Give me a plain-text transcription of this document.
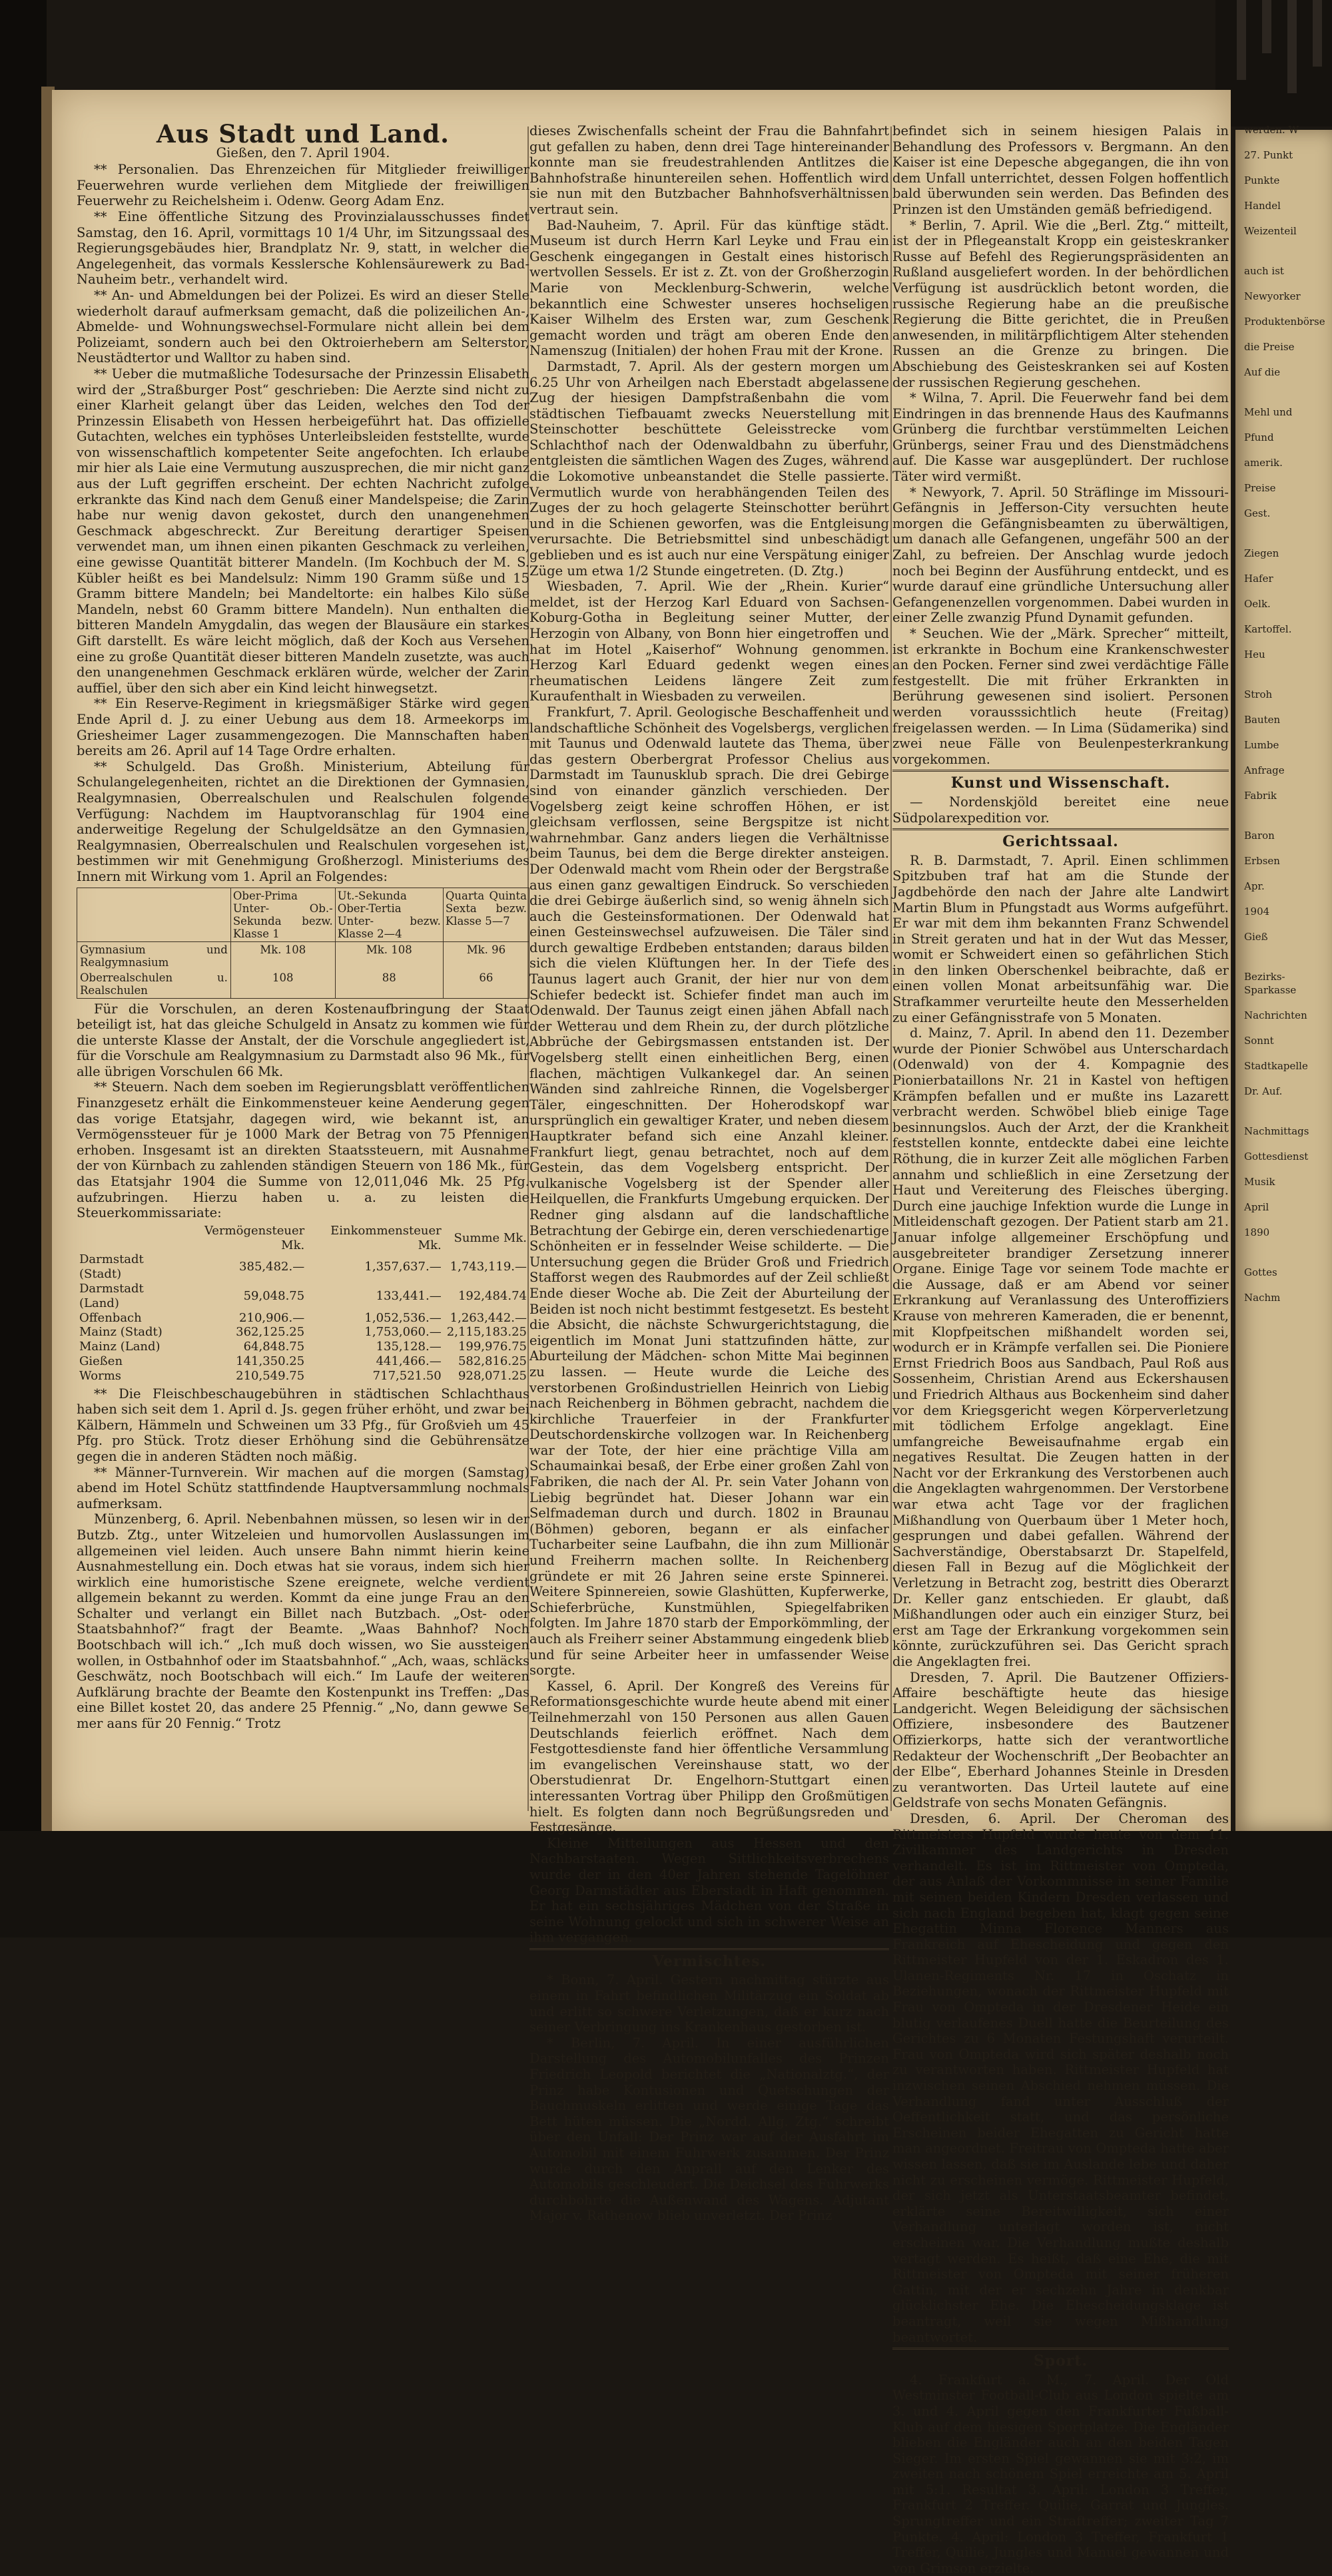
Aus Stadt und Land.

Gießen, den 7. April 1904.

** Personalien. Das Ehrenzeichen für Mitglieder freiwilliger Feuerwehren wurde verliehen dem Mitgliede der freiwilligen Feuerwehr zu Reichelsheim i. Odenw. Georg Adam Enz.

** Eine öffentliche Sitzung des Provinzialausschusses findet Samstag, den 16. April, vormittags 10 1/4 Uhr, im Sitzungssaal des Regierungsgebäudes hier, Brandplatz Nr. 9, statt, in welcher die Angelegenheit, das vormals Kesslersche Kohlensäurewerk zu Bad-Nauheim betr., verhandelt wird.

** An- und Abmeldungen bei der Polizei. Es wird an dieser Stelle wiederholt darauf aufmerksam gemacht, daß die polizeilichen An-, Abmelde- und Wohnungswechsel-Formulare nicht allein bei dem Polizeiamt, sondern auch bei den Oktroierhebern am Selterstor, Neustädtertor und Walltor zu haben sind.

** Ueber die mutmaßliche Todesursache der Prinzessin Elisabeth wird der „Straßburger Post“ geschrieben: Die Aerzte sind nicht zu einer Klarheit gelangt über das Leiden, welches den Tod der Prinzessin Elisabeth von Hessen herbeigeführt hat. Das offizielle Gutachten, welches ein typhöses Unterleibsleiden feststellte, wurde von wissenschaftlich kompetenter Seite angefochten. Ich erlaube mir hier als Laie eine Vermutung auszusprechen, die mir nicht ganz aus der Luft gegriffen erscheint. Der echten Nachricht zufolge erkrankte das Kind nach dem Genuß einer Mandelspeise; die Zarin habe nur wenig davon gekostet, durch den unangenehmen Geschmack abgeschreckt. Zur Bereitung derartiger Speisen verwendet man, um ihnen einen pikanten Geschmack zu verleihen, eine gewisse Quantität bitterer Mandeln. (Im Kochbuch der M. S. Kübler heißt es bei Mandelsulz: Nimm 190 Gramm süße und 15 Gramm bittere Mandeln; bei Mandeltorte: ein halbes Kilo süße Mandeln, nebst 60 Gramm bittere Mandeln). Nun enthalten die bitteren Mandeln Amygdalin, das wegen der Blausäure ein starkes Gift darstellt. Es wäre leicht möglich, daß der Koch aus Versehen eine zu große Quantität dieser bitteren Mandeln zusetzte, was auch den unangenehmen Geschmack erklären würde, welcher der Zarin auffiel, über den sich aber ein Kind leicht hinwegsetzt.

** Ein Reserve-Regiment in kriegsmäßiger Stärke wird gegen Ende April d. J. zu einer Uebung aus dem 18. Armeekorps im Griesheimer Lager zusammengezogen. Die Mannschaften haben bereits am 26. April auf 14 Tage Ordre erhalten.

** Schulgeld. Das Großh. Ministerium, Abteilung für Schulangelegenheiten, richtet an die Direktionen der Gymnasien, Realgymnasien, Oberrealschulen und Realschulen folgende Verfügung: Nachdem im Hauptvoranschlag für 1904 eine anderweitige Regelung der Schulgeldsätze an den Gymnasien, Realgymnasien, Oberrealschulen und Realschulen vorgesehen ist, bestimmen wir mit Genehmigung Großherzogl. Ministeriums des Innern mit Wirkung vom 1. April an Folgendes:

	Ober-Prima Unter- Ob.-Sekunda bezw. Klasse 1	Ut.-Sekunda Ober-Tertia Unter- bezw. Klasse 2—4	Quarta Quinta Sexta bezw. Klasse 5—7
Gymnasium und Realgymnasium	Mk. 108	Mk. 108	Mk. 96
Oberrealschulen u. Realschulen	108	88	66

Für die Vorschulen, an deren Kostenaufbringung der Staat beteiligt ist, hat das gleiche Schulgeld in Ansatz zu kommen wie für die unterste Klasse der Anstalt, der die Vorschule angegliedert ist, für die Vorschule am Realgymnasium zu Darmstadt also 96 Mk., für alle übrigen Vorschulen 66 Mk.

** Steuern. Nach dem soeben im Regierungsblatt veröffentlichen Finanzgesetz erhält die Einkommensteuer keine Aenderung gegen das vorige Etatsjahr, dagegen wird, wie bekannt ist, an Vermögenssteuer für je 1000 Mark der Betrag von 75 Pfennigen erhoben. Insgesamt ist an direkten Staatssteuern, mit Ausnahme der von Kürnbach zu zahlenden ständigen Steuern von 186 Mk., für das Etatsjahr 1904 die Summe von 12,011,046 Mk. 25 Pfg. aufzubringen. Hierzu haben u. a. zu leisten die Steuerkommissariate:

	Vermögensteuer Mk.	Einkommensteuer Mk.	Summe Mk.
Darmstadt (Stadt)	385,482.—	1,357,637.—	1,743,119.—
Darmstadt (Land)	59,048.75	133,441.—	192,484.74
Offenbach	210,906.—	1,052,536.—	1,263,442.—
Mainz (Stadt)	362,125.25	1,753,060.—	2,115,183.25
Mainz (Land)	64,848.75	135,128.—	199,976.75
Gießen	141,350.25	441,466.—	582,816.25
Worms	210,549.75	717,521.50	928,071.25

** Die Fleischbeschaugebühren in städtischen Schlachthaus haben sich seit dem 1. April d. Js. gegen früher erhöht, und zwar bei Kälbern, Hämmeln und Schweinen um 33 Pfg., für Großvieh um 45 Pfg. pro Stück. Trotz dieser Erhöhung sind die Gebührensätze gegen die in anderen Städten noch mäßig.

** Männer-Turnverein. Wir machen auf die morgen (Samstag) abend im Hotel Schütz stattfindende Hauptversammlung nochmals aufmerksam.

Münzenberg, 6. April. Nebenbahnen müssen, so lesen wir in der Butzb. Ztg., unter Witzeleien und humorvollen Auslassungen im allgemeinen viel leiden. Auch unsere Bahn nimmt hierin keine Ausnahmestellung ein. Doch etwas hat sie voraus, indem sich hier wirklich eine humoristische Szene ereignete, welche verdient allgemein bekannt zu werden. Kommt da eine junge Frau an den Schalter und verlangt ein Billet nach Butzbach. „Ost- oder Staatsbahnhof?“ fragt der Beamte. „Waas Bahnhof? Noch Bootschbach will ich.“ „Ich muß doch wissen, wo Sie aussteigen wollen, in Ostbahnhof oder im Staatsbahnhof.“ „Ach, waas, schläcks Geschwätz, noch Bootschbach will eich.“ Im Laufe der weiteren Aufklärung brachte der Beamte den Kostenpunkt ins Treffen: „Das eine Billet kostet 20, das andere 25 Pfennig.“ „No, dann gewwe Se mer aans für 20 Fennig.“ Trotz

dieses Zwischenfalls scheint der Frau die Bahnfahrt gut gefallen zu haben, denn drei Tage hintereinander konnte man sie freudestrahlenden Antlitzes die Bahnhofstraße hinuntereilen sehen. Hoffentlich wird sie nun mit den Butzbacher Bahnhofsverhältnissen vertraut sein.

Bad-Nauheim, 7. April. Für das künftige städt. Museum ist durch Herrn Karl Leyke und Frau ein Geschenk eingegangen in Gestalt eines historisch wertvollen Sessels. Er ist z. Zt. von der Großherzogin Marie von Mecklenburg-Schwerin, welche bekanntlich eine Schwester unseres hochseligen Kaiser Wilhelm des Ersten war, zum Geschenk gemacht worden und trägt am oberen Ende den Namenszug (Initialen) der hohen Frau mit der Krone.

Darmstadt, 7. April. Als der gestern morgen um 6.25 Uhr von Arheilgen nach Eberstadt abgelassene Zug der hiesigen Dampfstraßenbahn die vom städtischen Tiefbauamt zwecks Neuerstellung mit Steinschotter beschüttete Geleisstrecke vom Schlachthof nach der Odenwaldbahn zu überfuhr, entgleisten die sämtlichen Wagen des Zuges, während die Lokomotive unbeanstandet die Stelle passierte. Vermutlich wurde von herabhängenden Teilen des Zuges der zu hoch gelagerte Steinschotter berührt und in die Schienen geworfen, was die Entgleisung verursachte. Die Betriebsmittel sind unbeschädigt geblieben und es ist auch nur eine Verspätung einiger Züge um etwa 1/2 Stunde eingetreten. (D. Ztg.)

Wiesbaden, 7. April. Wie der „Rhein. Kurier“ meldet, ist der Herzog Karl Eduard von Sachsen-Koburg-Gotha in Begleitung seiner Mutter, der Herzogin von Albany, von Bonn hier eingetroffen und hat im Hotel „Kaiserhof“ Wohnung genommen. Herzog Karl Eduard gedenkt wegen eines rheumatischen Leidens längere Zeit zum Kuraufenthalt in Wiesbaden zu verweilen.

Frankfurt, 7. April. Geologische Beschaffenheit und landschaftliche Schönheit des Vogelsbergs, verglichen mit Taunus und Odenwald lautete das Thema, über das gestern Oberbergrat Professor Chelius aus Darmstadt im Taunusklub sprach. Die drei Gebirge sind von einander gänzlich verschieden. Der Vogelsberg zeigt keine schroffen Höhen, er ist gleichsam verflossen, seine Bergspitze ist nicht wahrnehmbar. Ganz anders liegen die Verhältnisse beim Taunus, bei dem die Berge direkter ansteigen. Der Odenwald macht vom Rhein oder der Bergstraße aus einen ganz gewaltigen Eindruck. So verschieden die drei Gebirge äußerlich sind, so wenig ähneln sich auch die Gesteinsformationen. Der Odenwald hat einen Gesteinswechsel aufzuweisen. Die Täler sind durch gewaltige Erdbeben entstanden; daraus bilden sich die vielen Klüftungen her. In der Tiefe des Taunus lagert auch Granit, der hier nur von dem Schiefer bedeckt ist. Schiefer findet man auch im Odenwald. Der Taunus zeigt einen jähen Abfall nach der Wetterau und dem Rhein zu, der durch plötzliche Abbrüche der Gebirgsmassen entstanden ist. Der Vogelsberg stellt einen einheitlichen Berg, einen flachen, mächtigen Vulkankegel dar. An seinen Wänden sind zahlreiche Rinnen, die Vogelsberger Täler, eingeschnitten. Der Hoherodskopf war ursprünglich ein gewaltiger Krater, und neben diesem Hauptkrater befand sich eine Anzahl kleiner. Frankfurt liegt, genau betrachtet, noch auf dem Gestein, das dem Vogelsberg entspricht. Der vulkanische Vogelsberg ist der Spender aller Heilquellen, die Frankfurts Umgebung erquicken. Der Redner ging alsdann auf die landschaftliche Betrachtung der Gebirge ein, deren verschiedenartige Schönheiten er in fesselnder Weise schilderte. — Die Untersuchung gegen die Brüder Groß und Friedrich Stafforst wegen des Raubmordes auf der Zeil schließt Ende dieser Woche ab. Die Zeit der Aburteilung der Beiden ist noch nicht bestimmt festgesetzt. Es besteht die Absicht, die nächste Schwurgerichtstagung, die eigentlich im Monat Juni stattzufinden hätte, zur Aburteilung der Mädchen- schon Mitte Mai beginnen zu lassen. — Heute wurde die Leiche des verstorbenen Großindustriellen Heinrich von Liebig nach Reichenberg in Böhmen gebracht, nachdem die kirchliche Trauerfeier in der Frankfurter Deutschordenskirche vollzogen war. In Reichenberg war der Tote, der hier eine prächtige Villa am Schaumainkai besaß, der Erbe einer großen Zahl von Fabriken, die nach der Al. Pr. sein Vater Johann von Liebig begründet hat. Dieser Johann war ein Selfmademan durch und durch. 1802 in Braunau (Böhmen) geboren, begann er als einfacher Tucharbeiter seine Laufbahn, die ihn zum Millionär und Freiherrn machen sollte. In Reichenberg gründete er mit 26 Jahren seine erste Spinnerei. Weitere Spinnereien, sowie Glashütten, Kupferwerke, Schieferbrüche, Kunstmühlen, Spiegelfabriken folgten. Im Jahre 1870 starb der Emporkömmling, der auch als Freiherr seiner Abstammung eingedenk blieb und für seine Arbeiter heer in umfassender Weise sorgte.

Kassel, 6. April. Der Kongreß des Vereins für Reformationsgeschichte wurde heute abend mit einer Teilnehmerzahl von 150 Personen aus allen Gauen Deutschlands feierlich eröffnet. Nach dem Festgottesdienste fand hier öffentliche Versammlung im evangelischen Vereinshause statt, wo der Oberstudienrat Dr. Engelhorn-Stuttgart einen interessanten Vortrag über Philipp den Großmütigen hielt. Es folgten dann noch Begrüßungsreden und Festgesänge.

Kleine Mitteilungen aus Hessen und den Nachbarstaaten. Wegen Sittlichkeitsverbrechens wurde der in den 40er Jahren stehende Tagelöhner Georg Darmstädter aus Eberstadt in Haft genommen. Er hat ein sechsjähriges Mädchen von der Straße in seine Wohnung gelockt und sich in schwerer Weise an ihm vergangen.

Vermischtes.

* Bonn, 7. April. Gestern nachmittag stürzte aus einem in Fahrt befindlichen Militärzug ein Soldat ab und erlitt so schwere Verletzungen, daß er kurz nach seiner Verbringung ins Krankenhaus gestorben ist.

* Berlin, 7. April. In einer ausführlichen Darstellung des Automobilunfalles des Prinzen Friedrich Leopold berichtet die „Nationalztg.“, der Prinz habe Kontusionen und Quetschungen der Bauchmuskeln erlitten und werde einige Tage das Bett hüten müssen. Die „Nordd. Allg. Ztg.“ schreibt über den Unfall: Der Prinz war auf der Ausfahrt im Automobil mit einem Fuhrwerk zusammen. Der Prinz wurde durch den Anprall auf den Lenker des Automobils geschleudert. Die Deichsel des Fuhrwerks durchbohrte die Außenwand des Wagens. Adjutant Major v. Rathenow blieb unverletzt. Der Prinz

befindet sich in seinem hiesigen Palais in Behandlung des Professors v. Bergmann. An den Kaiser ist eine Depesche abgegangen, die ihn von dem Unfall unterrichtet, dessen Folgen hoffentlich bald überwunden sein werden. Das Befinden des Prinzen ist den Umständen gemäß befriedigend.

* Berlin, 7. April. Wie die „Berl. Ztg.“ mitteilt, ist der in Pflegeanstalt Kropp ein geisteskranker Russe auf Befehl des Regierungspräsidenten an Rußland ausgeliefert worden. In der behördlichen Verfügung ist ausdrücklich betont worden, die russische Regierung habe an die preußische Regierung die Bitte gerichtet, die in Preußen anwesenden, in militärpflichtigem Alter stehenden Russen an die Grenze zu bringen. Die Abschiebung des Geisteskranken sei auf Kosten der russischen Regierung geschehen.

* Wilna, 7. April. Die Feuerwehr fand bei dem Eindringen in das brennende Haus des Kaufmanns Grünberg die furchtbar verstümmelten Leichen Grünbergs, seiner Frau und des Dienstmädchens auf. Die Kasse war ausgeplündert. Der ruchlose Täter wird vermißt.

* Newyork, 7. April. 50 Sträflinge im Missouri-Gefängnis in Jefferson-City versuchten heute morgen die Gefängnisbeamten zu überwältigen, um danach alle Gefangenen, ungefähr 500 an der Zahl, zu befreien. Der Anschlag wurde jedoch noch bei Beginn der Ausführung entdeckt, und es wurde darauf eine gründliche Untersuchung aller Gefangenenzellen vorgenommen. Dabei wurden in einer Zelle zwanzig Pfund Dynamit gefunden.

* Seuchen. Wie der „Märk. Sprecher“ mitteilt, ist erkrankte in Bochum eine Krankenschwester an den Pocken. Ferner sind zwei verdächtige Fälle festgestellt. Die mit früher Erkrankten in Berührung gewesenen sind isoliert. Personen werden vorausssichtlich heute (Freitag) freigelassen werden. — In Lima (Südamerika) sind zwei neue Fälle von Beulenpesterkrankung vorgekommen.

Kunst und Wissenschaft.

— Nordenskjöld bereitet eine neue Südpolarexpedition vor.

Gerichtssaal.

R. B. Darmstadt, 7. April. Einen schlimmen Spitzbuben traf hat am die Stunde der Jagdbehörde den nach der Jahre alte Landwirt Martin Blum in Pfungstadt aus Worms aufgeführt. Er war mit dem ihm bekannten Franz Schwendel in Streit geraten und hat in der Wut das Messer, womit er Schweidert einen so gefährlichen Stich in den linken Oberschenkel beibrachte, daß er einen vollen Monat arbeitsunfähig war. Die Strafkammer verurteilte heute den Messerhelden zu einer Gefängnisstrafe von 5 Monaten.

d. Mainz, 7. April. In abend den 11. Dezember wurde der Pionier Schwöbel aus Unterschardach (Odenwald) von der 4. Kompagnie des Pionierbataillons Nr. 21 in Kastel von heftigen Krämpfen befallen und er mußte ins Lazarett verbracht werden. Schwöbel blieb einige Tage besinnungslos. Auch der Arzt, der die Krankheit feststellen konnte, entdeckte dabei eine leichte Röthung, die in kurzer Zeit alle möglichen Farben annahm und schließlich in eine Zersetzung der Haut und Vereiterung des Fleisches überging. Durch eine jauchige Infektion wurde die Lunge in Mitleidenschaft gezogen. Der Patient starb am 21. Januar infolge allgemeiner Erschöpfung und ausgebreiteter brandiger Zersetzung innerer Organe. Einige Tage vor seinem Tode machte er die Aussage, daß er am Abend vor seiner Erkrankung auf Veranlassung des Unteroffiziers Krause von mehreren Kameraden, die er benennt, mit Klopfpeitschen mißhandelt worden sei, wodurch er in Krämpfe verfallen sei. Die Pioniere Ernst Friedrich Boos aus Sandbach, Paul Roß aus Sossenheim, Christian Arend aus Eckershausen und Friedrich Althaus aus Bockenheim sind daher vor dem Kriegsgericht wegen Körperverletzung mit tödlichem Erfolge angeklagt. Eine umfangreiche Beweisaufnahme ergab ein negatives Resultat. Die Zeugen hatten in der Nacht vor der Erkrankung des Verstorbenen auch die Angeklagten wahrgenommen. Der Verstorbene war etwa acht Tage vor der fraglichen Mißhandlung von Querbaum über 1 Meter hoch, gesprungen und dabei gefallen. Während der Sachverständige, Oberstabsarzt Dr. Stapelfeld, diesen Fall in Bezug auf die Möglichkeit der Verletzung in Betracht zog, bestritt dies Oberarzt Dr. Keller ganz entschieden. Er glaubt, daß Mißhandlungen oder auch ein einziger Sturz, bei erst am Tage der Erkrankung vorgekommen sein könnte, zurückzuführen sei. Das Gericht sprach die Angeklagten frei.

Dresden, 7. April. Die Bautzener Offiziers-Affaire beschäftigte heute das hiesige Landgericht. Wegen Beleidigung der sächsischen Offiziere, insbesondere des Bautzener Offizierkorps, hatte sich der verantwortliche Redakteur der Wochenschrift „Der Beobachter an der Elbe“, Eberhard Johannes Steinle in Dresden zu verantworten. Das Urteil lautete auf eine Geldstrafe von sechs Monaten Gefängnis.

Dresden, 6. April. Der Cheroman des Rittmeisters Hupfeld wurde heute von dem 11. Zivilkammer des Landgerichts in Dresden verhandelt. Es ist im Rittmeister von Ompteda, der aus Anlaß der Vorkommnisse in seiner Familie mit seinen beiden Kindern Dresden verlassen und sich nach England begeben hat, klagt gegen seine Ehegattin Minna Florence Manners aus Frankreich auf Ehescheidung und gegen den Rittmeister Hupfeld von der 1. Eskadron des 1. Ulanen-Regiments Nr. 17 in Oschatz in Beziehungen, wonach der Rittmeister Hupfeld mit Frau von Ompteda in der Dresdener Heide ein blutig verlaufenes Duell hatte die Beurteilung des Gerichtes zu 6 Monaten Festungshaft verurteilt. Frau von Ompteda wird sich später deshalb noch zu verantworten haben. Rittmeister Hupfeld hat inzwischen seinen Abschied nehmen müssen. Die Verhandlung fand unter Ausschluß der Oeffentlichkeit statt, und das persönliche Erscheinen beider Ehegatten zu Gericht hatte man angeordnet. Freitrau von Ompteda hatte aber wissen lassen, daß sie im Auslande lebe und daher nicht zu erscheinen vermöge. Rittmeister Hupfeld, der sich jetzt als Unterstaatsbeamter befindet, erklärte seine Bereitwilligkeit, sich einer Verhandlung unterlagt worden ist, nicht erscheinen war. Die Verhandlung mußte deshalb vertagt werden. Es heißt, daß eine Ehe, die mit Rittmeister von Ompteda mit seiner früheren Gattin, mit der er sechzehn Jahre in denkbar glücklichster Ehe. Die Ehescheidungsklage ist beantragt, weil sie wegen Mißhandlung beantwortet.

Sport.

4. Frankfurt a. M., 7. April. Der Old Westminster Football-Club aus London spielte am 3. und 4. April gegen den Frankfurter Fußball-Klub auf dem hiesigen Sportplatze. Die Engländer blieben die Engländer auch an den beiden Tagen Sieger. Im ersten Spiel gewannen sie mit 3:2, im zweiten nach schönem Spiel erreichte am 5. April mit 5:1. Resultat 3. April: London 3 Treffer, Frankfurt 2 Treffer. Quilie, Garrat und Jungles. Sprungtreffer und ein Straftreffer; zweiter Tag 7 Punkte. 4. April: London 3 Treffer, Frankfurt 1 Treffer, Quilie, Jungles und Manuel gewannen und von Grimson erzielte.

werden. W
27. Punkt
Punkte
Handel
Weizenteil
auch ist
Newyorker
Produktenbörse
die Preise
Auf die
Mehl und
Pfund
amerik.
Preise
Gest.
Ziegen
Hafer
Oelk.
Kartoffel.
Heu
Stroh
Bauten
Lumbe
Anfrage
Fabrik
Baron
Erbsen
Apr.
1904
Gieß
Bezirks-Sparkasse
Nachrichten
Sonnt
Stadtkapelle
Dr. Auf.
Nachmittags
Gottesdienst
Musik
April
1890
Gottes
Nachm
